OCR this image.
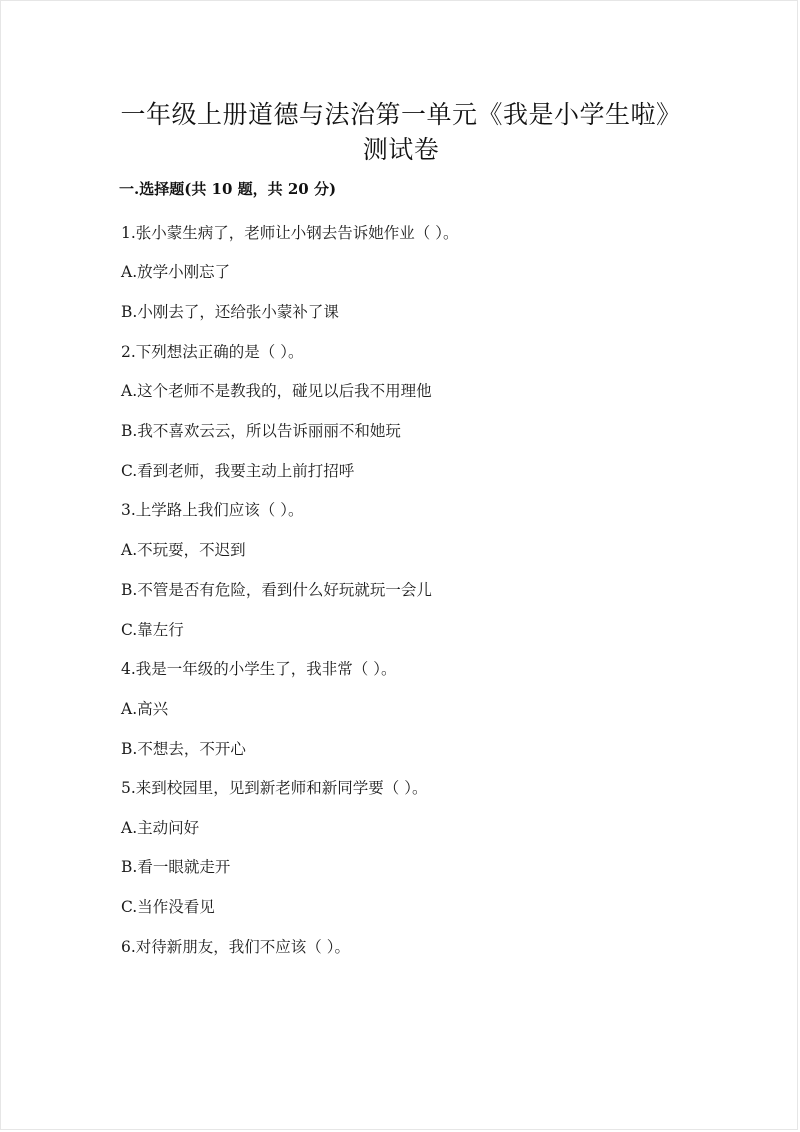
一年级上册道德与法治第一单元《我是小学生啦》
测试卷
一.选择题(共 10 题，共 20 分)
1.张小蒙生病了，老师让小钢去告诉她作业（ ）。
A.放学小刚忘了
B.小刚去了，还给张小蒙补了课
2.下列想法正确的是（ ）。
A.这个老师不是教我的，碰见以后我不用理他
B.我不喜欢云云，所以告诉丽丽不和她玩
C.看到老师，我要主动上前打招呼
3.上学路上我们应该（ ）。
A.不玩耍，不迟到
B.不管是否有危险，看到什么好玩就玩一会儿
C.靠左行
4.我是一年级的小学生了，我非常（ ）。
A.高兴
B.不想去，不开心
5.来到校园里，见到新老师和新同学要（ ）。
A.主动问好
B.看一眼就走开
C.当作没看见
6.对待新朋友，我们不应该（ ）。
